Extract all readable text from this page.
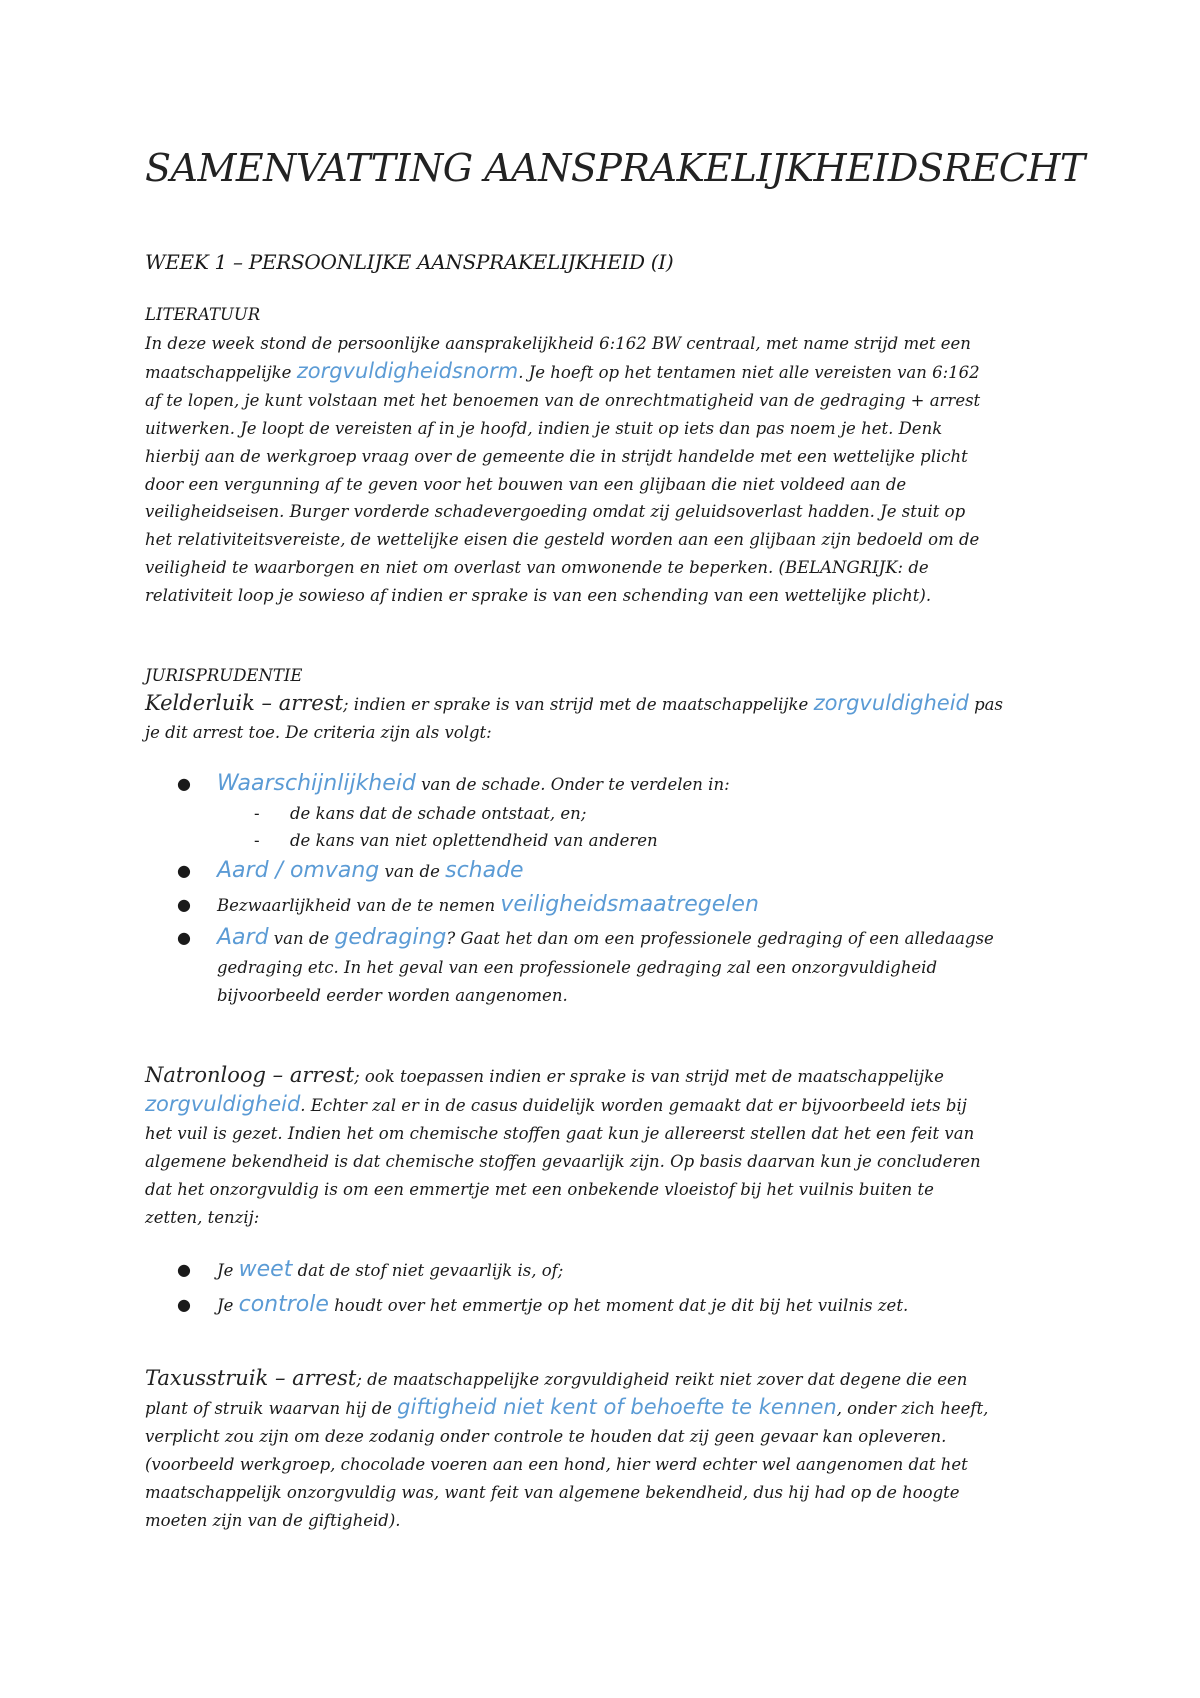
SAMENVATTING AANSPRAKELIJKHEIDSRECHT
WEEK 1 – PERSOONLIJKE AANSPRAKELIJKHEID (I)
LITERATUUR
In deze week stond de persoonlijke aansprakelijkheid 6:162 BW centraal, met name strijd met een
maatschappelijke zorgvuldigheidsnorm. Je hoeft op het tentamen niet alle vereisten van 6:162
af te lopen, je kunt volstaan met het benoemen van de onrechtmatigheid van de gedraging + arrest
uitwerken. Je loopt de vereisten af in je hoofd, indien je stuit op iets dan pas noem je het. Denk
hierbij aan de werkgroep vraag over de gemeente die in strijdt handelde met een wettelijke plicht
door een vergunning af te geven voor het bouwen van een glijbaan die niet voldeed aan de
veiligheidseisen. Burger vorderde schadevergoeding omdat zij geluidsoverlast hadden. Je stuit op
het relativiteitsvereiste, de wettelijke eisen die gesteld worden aan een glijbaan zijn bedoeld om de
veiligheid te waarborgen en niet om overlast van omwonende te beperken. (BELANGRIJK: de
relativiteit loop je sowieso af indien er sprake is van een schending van een wettelijke plicht).
JURISPRUDENTIE
Kelderluik – arrest; indien er sprake is van strijd met de maatschappelijke zorgvuldigheid pas
je dit arrest toe. De criteria zijn als volgt:
● Waarschijnlijkheid van de schade. Onder te verdelen in:
- de kans dat de schade ontstaat, en;
- de kans van niet oplettendheid van anderen
● Aard / omvang van de schade
● Bezwaarlijkheid van de te nemen veiligheidsmaatregelen
● Aard van de gedraging? Gaat het dan om een professionele gedraging of een alledaagse
gedraging etc. In het geval van een professionele gedraging zal een onzorgvuldigheid
bijvoorbeeld eerder worden aangenomen.
Natronloog – arrest; ook toepassen indien er sprake is van strijd met de maatschappelijke
zorgvuldigheid. Echter zal er in de casus duidelijk worden gemaakt dat er bijvoorbeeld iets bij
het vuil is gezet. Indien het om chemische stoffen gaat kun je allereerst stellen dat het een feit van
algemene bekendheid is dat chemische stoffen gevaarlijk zijn. Op basis daarvan kun je concluderen
dat het onzorgvuldig is om een emmertje met een onbekende vloeistof bij het vuilnis buiten te
zetten, tenzij:
● Je weet dat de stof niet gevaarlijk is, of;
● Je controle houdt over het emmertje op het moment dat je dit bij het vuilnis zet.
Taxusstruik – arrest; de maatschappelijke zorgvuldigheid reikt niet zover dat degene die een
plant of struik waarvan hij de giftigheid niet kent of behoefte te kennen, onder zich heeft,
verplicht zou zijn om deze zodanig onder controle te houden dat zij geen gevaar kan opleveren.
(voorbeeld werkgroep, chocolade voeren aan een hond, hier werd echter wel aangenomen dat het
maatschappelijk onzorgvuldig was, want feit van algemene bekendheid, dus hij had op de hoogte
moeten zijn van de giftigheid).
